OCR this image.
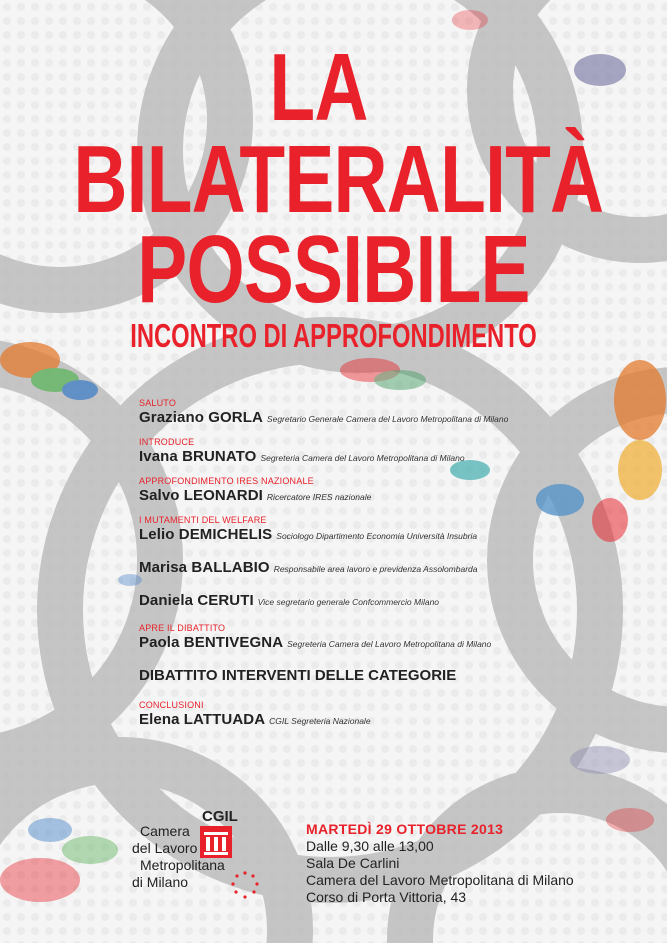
LA
BILATERALITÀ
POSSIBILE
INCONTRO DI APPROFONDIMENTO
SALUTO
Graziano GORLA Segretario Generale Camera del Lavoro Metropolitana di Milano
INTRODUCE
Ivana BRUNATO Segreteria Camera del Lavoro Metropolitana di Milano
APPROFONDIMENTO IRES NAZIONALE
Salvo LEONARDI Ricercatore IRES nazionale
I MUTAMENTI DEL WELFARE
Lelio DEMICHELIS Sociologo Dipartimento Economia Università Insubria
Marisa BALLABIO Responsabile area lavoro e previdenza Assolombarda
Daniela CERUTI Vice segretario generale Confcommercio Milano
APRE IL DIBATTITO
Paola BENTIVEGNA Segreteria Camera del Lavoro Metropolitana di Milano
DIBATTITO INTERVENTI DELLE CATEGORIE
CONCLUSIONI
Elena LATTUADA CGIL Segreteria Nazionale
CGIL
Camera
del Lavoro
Metropolitana
di Milano
MARTEDÌ 29 OTTOBRE 2013
Dalle 9,30 alle 13,00
Sala De Carlini
Camera del Lavoro Metropolitana di Milano
Corso di Porta Vittoria, 43
